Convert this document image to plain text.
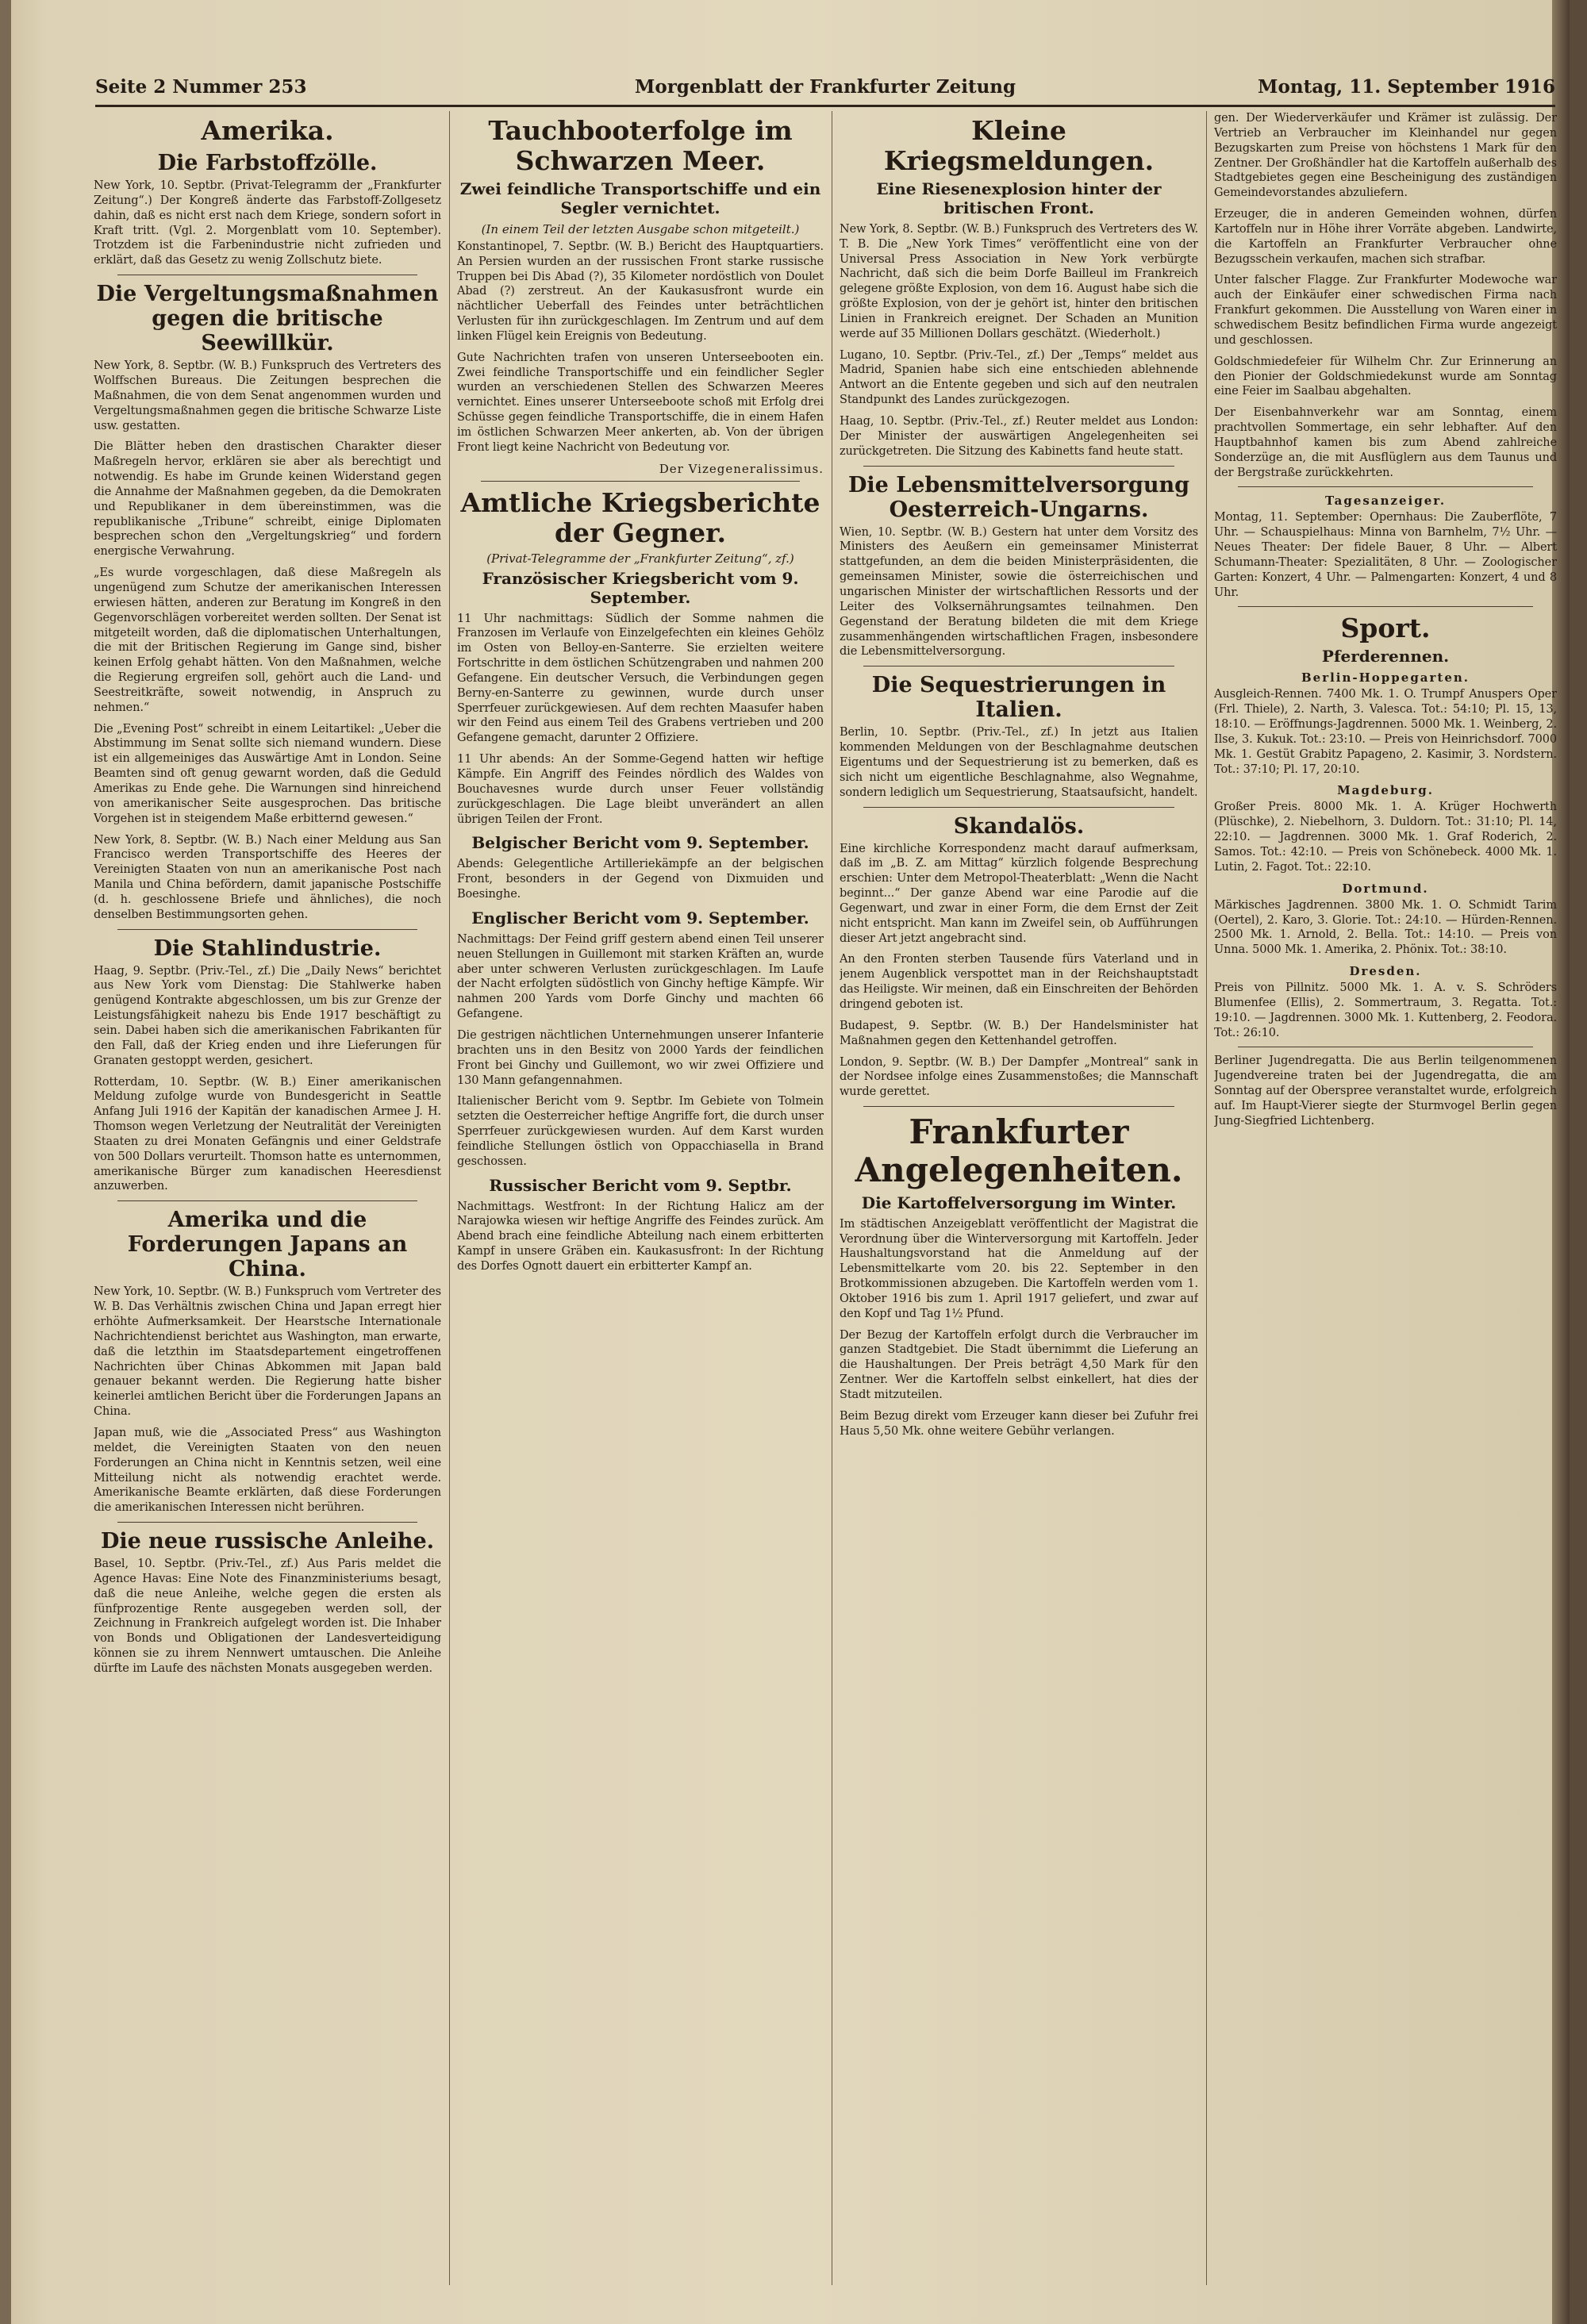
Seite 2 Nummer 253	Morgenblatt der Frankfurter Zeitung	Montag, 11. September 1916
Amerika.
Die Farbstoffzölle.

New York, 10. Septbr. (Privat-Telegramm der „Frankfurter Zeitung“.) Der Kongreß änderte das Farbstoff-Zollgesetz dahin, daß es nicht erst nach dem Kriege, sondern sofort in Kraft tritt. (Vgl. 2. Morgenblatt vom 10. September). Trotzdem ist die Farbenindustrie nicht zufrieden und erklärt, daß das Gesetz zu wenig Zollschutz biete.

Die Vergeltungsmaßnahmen gegen die britische Seewillkür.

New York, 8. Septbr. (W. B.) Funkspruch des Vertreters des Wolffschen Bureaus. Die Zeitungen besprechen die Maßnahmen, die von dem Senat angenommen wurden und Vergeltungsmaßnahmen gegen die britische Schwarze Liste usw. gestatten.

Die Blätter heben den drastischen Charakter dieser Maßregeln hervor, erklären sie aber als berechtigt und notwendig. Es habe im Grunde keinen Widerstand gegen die Annahme der Maßnahmen gegeben, da die Demokraten und Republikaner in dem übereinstimmen, was die republikanische „Tribune“ schreibt, einige Diplomaten besprechen schon den „Vergeltungskrieg“ und fordern energische Verwahrung.

„Es wurde vorgeschlagen, daß diese Maßregeln als ungenügend zum Schutze der amerikanischen Interessen erwiesen hätten, anderen zur Beratung im Kongreß in den Gegenvorschlägen vorbereitet werden sollten. Der Senat ist mitgeteilt worden, daß die diplomatischen Unterhaltungen, die mit der Britischen Regierung im Gange sind, bisher keinen Erfolg gehabt hätten. Von den Maßnahmen, welche die Regierung ergreifen soll, gehört auch die Land- und Seestreitkräfte, soweit notwendig, in Anspruch zu nehmen.“

Die „Evening Post“ schreibt in einem Leitartikel: „Ueber die Abstimmung im Senat sollte sich niemand wundern. Diese ist ein allgemeiniges das Auswärtige Amt in London. Seine Beamten sind oft genug gewarnt worden, daß die Geduld Amerikas zu Ende gehe. Die Warnungen sind hinreichend von amerikanischer Seite ausgesprochen. Das britische Vorgehen ist in steigendem Maße erbitternd gewesen.“

New York, 8. Septbr. (W. B.) Nach einer Meldung aus San Francisco werden Transportschiffe des Heeres der Vereinigten Staaten von nun an amerikanische Post nach Manila und China befördern, damit japanische Postschiffe (d. h. geschlossene Briefe und ähnliches), die noch denselben Bestimmungsorten gehen.

Die Stahlindustrie.

Haag, 9. Septbr. (Priv.-Tel., zf.) Die „Daily News“ berichtet aus New York vom Dienstag: Die Stahlwerke haben genügend Kontrakte abgeschlossen, um bis zur Grenze der Leistungsfähigkeit nahezu bis Ende 1917 beschäftigt zu sein. Dabei haben sich die amerikanischen Fabrikanten für den Fall, daß der Krieg enden und ihre Lieferungen für Granaten gestoppt werden, gesichert.

Rotterdam, 10. Septbr. (W. B.) Einer amerikanischen Meldung zufolge wurde von Bundesgericht in Seattle Anfang Juli 1916 der Kapitän der kanadischen Armee J. H. Thomson wegen Verletzung der Neutralität der Vereinigten Staaten zu drei Monaten Gefängnis und einer Geldstrafe von 500 Dollars verurteilt. Thomson hatte es unternommen, amerikanische Bürger zum kanadischen Heeresdienst anzuwerben.

Amerika und die Forderungen Japans an China.

New York, 10. Septbr. (W. B.) Funkspruch vom Vertreter des W. B. Das Verhältnis zwischen China und Japan erregt hier erhöhte Aufmerksamkeit. Der Hearstsche Internationale Nachrichtendienst berichtet aus Washington, man erwarte, daß die letzthin im Staatsdepartement eingetroffenen Nachrichten über Chinas Abkommen mit Japan bald genauer bekannt werden. Die Regierung hatte bisher keinerlei amtlichen Bericht über die Forderungen Japans an China.

Japan muß, wie die „Associated Press“ aus Washington meldet, die Vereinigten Staaten von den neuen Forderungen an China nicht in Kenntnis setzen, weil eine Mitteilung nicht als notwendig erachtet werde. Amerikanische Beamte erklärten, daß diese Forderungen die amerikanischen Interessen nicht berühren.

Die neue russische Anleihe.

Basel, 10. Septbr. (Priv.-Tel., zf.) Aus Paris meldet die Agence Havas: Eine Note des Finanzministeriums besagt, daß die neue Anleihe, welche gegen die ersten als fünfprozentige Rente ausgegeben werden soll, der Zeichnung in Frankreich aufgelegt worden ist. Die Inhaber von Bonds und Obligationen der Landesverteidigung können sie zu ihrem Nennwert umtauschen. Die Anleihe dürfte im Laufe des nächsten Monats ausgegeben werden.

Tauchbooterfolge im Schwarzen Meer.
Zwei feindliche Transportschiffe und ein Segler vernichtet.
(In einem Teil der letzten Ausgabe schon mitgeteilt.)

Konstantinopel, 7. Septbr. (W. B.) Bericht des Hauptquartiers. An Persien wurden an der russischen Front starke russische Truppen bei Dis Abad (?), 35 Kilometer nordöstlich von Doulet Abad (?) zerstreut. An der Kaukasusfront wurde ein nächtlicher Ueberfall des Feindes unter beträchtlichen Verlusten für ihn zurückgeschlagen. Im Zentrum und auf dem linken Flügel kein Ereignis von Bedeutung.

Gute Nachrichten trafen von unseren Unterseebooten ein. Zwei feindliche Transportschiffe und ein feindlicher Segler wurden an verschiedenen Stellen des Schwarzen Meeres vernichtet. Eines unserer Unterseeboote schoß mit Erfolg drei Schüsse gegen feindliche Transportschiffe, die in einem Hafen im östlichen Schwarzen Meer ankerten, ab. Von der übrigen Front liegt keine Nachricht von Bedeutung vor.

Der Vizegeneralissimus.
Amtliche Kriegsberichte der Gegner.
(Privat-Telegramme der „Frankfurter Zeitung“, zf.)
Französischer Kriegsbericht vom 9. September.

11 Uhr nachmittags: Südlich der Somme nahmen die Franzosen im Verlaufe von Einzelgefechten ein kleines Gehölz im Osten von Belloy-en-Santerre. Sie erzielten weitere Fortschritte in dem östlichen Schützengraben und nahmen 200 Gefangene. Ein deutscher Versuch, die Verbindungen gegen Berny-en-Santerre zu gewinnen, wurde durch unser Sperrfeuer zurückgewiesen. Auf dem rechten Maasufer haben wir den Feind aus einem Teil des Grabens vertrieben und 200 Gefangene gemacht, darunter 2 Offiziere.

11 Uhr abends: An der Somme-Gegend hatten wir heftige Kämpfe. Ein Angriff des Feindes nördlich des Waldes von Bouchavesnes wurde durch unser Feuer vollständig zurückgeschlagen. Die Lage bleibt unverändert an allen übrigen Teilen der Front.

Belgischer Bericht vom 9. September.

Abends: Gelegentliche Artilleriekämpfe an der belgischen Front, besonders in der Gegend von Dixmuiden und Boesinghe.

Englischer Bericht vom 9. September.

Nachmittags: Der Feind griff gestern abend einen Teil unserer neuen Stellungen in Guillemont mit starken Kräften an, wurde aber unter schweren Verlusten zurückgeschlagen. Im Laufe der Nacht erfolgten südöstlich von Ginchy heftige Kämpfe. Wir nahmen 200 Yards vom Dorfe Ginchy und machten 66 Gefangene.

Die gestrigen nächtlichen Unternehmungen unserer Infanterie brachten uns in den Besitz von 2000 Yards der feindlichen Front bei Ginchy und Guillemont, wo wir zwei Offiziere und 130 Mann gefangennahmen.

Italienischer Bericht vom 9. Septbr. Im Gebiete von Tolmein setzten die Oesterreicher heftige Angriffe fort, die durch unser Sperrfeuer zurückgewiesen wurden. Auf dem Karst wurden feindliche Stellungen östlich von Oppacchiasella in Brand geschossen.

Russischer Bericht vom 9. Septbr.

Nachmittags. Westfront: In der Richtung Halicz am der Narajowka wiesen wir heftige Angriffe des Feindes zurück. Am Abend brach eine feindliche Abteilung nach einem erbitterten Kampf in unsere Gräben ein. Kaukasusfront: In der Richtung des Dorfes Ognott dauert ein erbitterter Kampf an.

Kleine Kriegsmeldungen.
Eine Riesenexplosion hinter der britischen Front.

New York, 8. Septbr. (W. B.) Funkspruch des Vertreters des W. T. B. Die „New York Times“ veröffentlicht eine von der Universal Press Association in New York verbürgte Nachricht, daß sich die beim Dorfe Bailleul im Frankreich gelegene größte Explosion, von dem 16. August habe sich die größte Explosion, von der je gehört ist, hinter den britischen Linien in Frankreich ereignet. Der Schaden an Munition werde auf 35 Millionen Dollars geschätzt. (Wiederholt.)

Lugano, 10. Septbr. (Priv.-Tel., zf.) Der „Temps“ meldet aus Madrid, Spanien habe sich eine entschieden ablehnende Antwort an die Entente gegeben und sich auf den neutralen Standpunkt des Landes zurückgezogen.

Haag, 10. Septbr. (Priv.-Tel., zf.) Reuter meldet aus London: Der Minister der auswärtigen Angelegenheiten sei zurückgetreten. Die Sitzung des Kabinetts fand heute statt.

Die Lebensmittelversorgung Oesterreich-Ungarns.

Wien, 10. Septbr. (W. B.) Gestern hat unter dem Vorsitz des Ministers des Aeußern ein gemeinsamer Ministerrat stattgefunden, an dem die beiden Ministerpräsidenten, die gemeinsamen Minister, sowie die österreichischen und ungarischen Minister der wirtschaftlichen Ressorts und der Leiter des Volksernährungsamtes teilnahmen. Den Gegenstand der Beratung bildeten die mit dem Kriege zusammenhängenden wirtschaftlichen Fragen, insbesondere die Lebensmittelversorgung.

Die Sequestrierungen in Italien.

Berlin, 10. Septbr. (Priv.-Tel., zf.) In jetzt aus Italien kommenden Meldungen von der Beschlagnahme deutschen Eigentums und der Sequestrierung ist zu bemerken, daß es sich nicht um eigentliche Beschlagnahme, also Wegnahme, sondern lediglich um Sequestrierung, Staatsaufsicht, handelt.

Skandalös.

Eine kirchliche Korrespondenz macht darauf aufmerksam, daß im „B. Z. am Mittag“ kürzlich folgende Besprechung erschien: Unter dem Metropol-Theaterblatt: „Wenn die Nacht beginnt...“ Der ganze Abend war eine Parodie auf die Gegenwart, und zwar in einer Form, die dem Ernst der Zeit nicht entspricht. Man kann im Zweifel sein, ob Aufführungen dieser Art jetzt angebracht sind.

An den Fronten sterben Tausende fürs Vaterland und in jenem Augenblick verspottet man in der Reichshauptstadt das Heiligste. Wir meinen, daß ein Einschreiten der Behörden dringend geboten ist.

Budapest, 9. Septbr. (W. B.) Der Handelsminister hat Maßnahmen gegen den Kettenhandel getroffen.

London, 9. Septbr. (W. B.) Der Dampfer „Montreal“ sank in der Nordsee infolge eines Zusammenstoßes; die Mannschaft wurde gerettet.

Frankfurter Angelegenheiten.
Die Kartoffelversorgung im Winter.

Im städtischen Anzeigeblatt veröffentlicht der Magistrat die Verordnung über die Winterversorgung mit Kartoffeln. Jeder Haushaltungsvorstand hat die Anmeldung auf der Lebensmittelkarte vom 20. bis 22. September in den Brotkommissionen abzugeben. Die Kartoffeln werden vom 1. Oktober 1916 bis zum 1. April 1917 geliefert, und zwar auf den Kopf und Tag 1½ Pfund.

Der Bezug der Kartoffeln erfolgt durch die Verbraucher im ganzen Stadtgebiet. Die Stadt übernimmt die Lieferung an die Haushaltungen. Der Preis beträgt 4,50 Mark für den Zentner. Wer die Kartoffeln selbst einkellert, hat dies der Stadt mitzuteilen.

Beim Bezug direkt vom Erzeuger kann dieser bei Zufuhr frei Haus 5,50 Mk. ohne weitere Gebühr verlangen.

gen. Der Wiederverkäufer und Krämer ist zulässig. Der Vertrieb an Verbraucher im Kleinhandel nur gegen Bezugskarten zum Preise von höchstens 1 Mark für den Zentner. Der Großhändler hat die Kartoffeln außerhalb des Stadtgebietes gegen eine Bescheinigung des zuständigen Gemeindevorstandes abzuliefern.

Erzeuger, die in anderen Gemeinden wohnen, dürfen Kartoffeln nur in Höhe ihrer Vorräte abgeben. Landwirte, die Kartoffeln an Frankfurter Verbraucher ohne Bezugsschein verkaufen, machen sich strafbar.

Unter falscher Flagge. Zur Frankfurter Modewoche war auch der Einkäufer einer schwedischen Firma nach Frankfurt gekommen. Die Ausstellung von Waren einer in schwedischem Besitz befindlichen Firma wurde angezeigt und geschlossen.

Goldschmiedefeier für Wilhelm Chr. Zur Erinnerung an den Pionier der Goldschmiedekunst wurde am Sonntag eine Feier im Saalbau abgehalten.

Der Eisenbahnverkehr war am Sonntag, einem prachtvollen Sommertage, ein sehr lebhafter. Auf den Hauptbahnhof kamen bis zum Abend zahlreiche Sonderzüge an, die mit Ausflüglern aus dem Taunus und der Bergstraße zurückkehrten.

Tagesanzeiger.

Montag, 11. September: Opernhaus: Die Zauberflöte, 7 Uhr. — Schauspielhaus: Minna von Barnhelm, 7½ Uhr. — Neues Theater: Der fidele Bauer, 8 Uhr. — Albert Schumann-Theater: Spezialitäten, 8 Uhr. — Zoologischer Garten: Konzert, 4 Uhr. — Palmengarten: Konzert, 4 und 8 Uhr.

Sport.
Pferderennen.
Berlin-Hoppegarten.

Ausgleich-Rennen. 7400 Mk. 1. O. Trumpf Anuspers Oper (Frl. Thiele), 2. Narth, 3. Valesca. Tot.: 54:10; Pl. 15, 13, 18:10. — Eröffnungs-Jagdrennen. 5000 Mk. 1. Weinberg, 2. Ilse, 3. Kukuk. Tot.: 23:10. — Preis von Heinrichsdorf. 7000 Mk. 1. Gestüt Grabitz Papageno, 2. Kasimir, 3. Nordstern. Tot.: 37:10; Pl. 17, 20:10.

Magdeburg.

Großer Preis. 8000 Mk. 1. A. Krüger Hochwerth (Plüschke), 2. Niebelhorn, 3. Duldorn. Tot.: 31:10; Pl. 14, 22:10. — Jagdrennen. 3000 Mk. 1. Graf Roderich, 2. Samos. Tot.: 42:10. — Preis von Schönebeck. 4000 Mk. 1. Lutin, 2. Fagot. Tot.: 22:10.

Dortmund.

Märkisches Jagdrennen. 3800 Mk. 1. O. Schmidt Tarim (Oertel), 2. Karo, 3. Glorie. Tot.: 24:10. — Hürden-Rennen. 2500 Mk. 1. Arnold, 2. Bella. Tot.: 14:10. — Preis von Unna. 5000 Mk. 1. Amerika, 2. Phönix. Tot.: 38:10.

Dresden.

Preis von Pillnitz. 5000 Mk. 1. A. v. S. Schröders Blumenfee (Ellis), 2. Sommertraum, 3. Regatta. Tot.: 19:10. — Jagdrennen. 3000 Mk. 1. Kuttenberg, 2. Feodora. Tot.: 26:10.

Berliner Jugendregatta. Die aus Berlin teilgenommenen Jugendvereine traten bei der Jugendregatta, die am Sonntag auf der Oberspree veranstaltet wurde, erfolgreich auf. Im Haupt-Vierer siegte der Sturmvogel Berlin gegen Jung-Siegfried Lichtenberg.
